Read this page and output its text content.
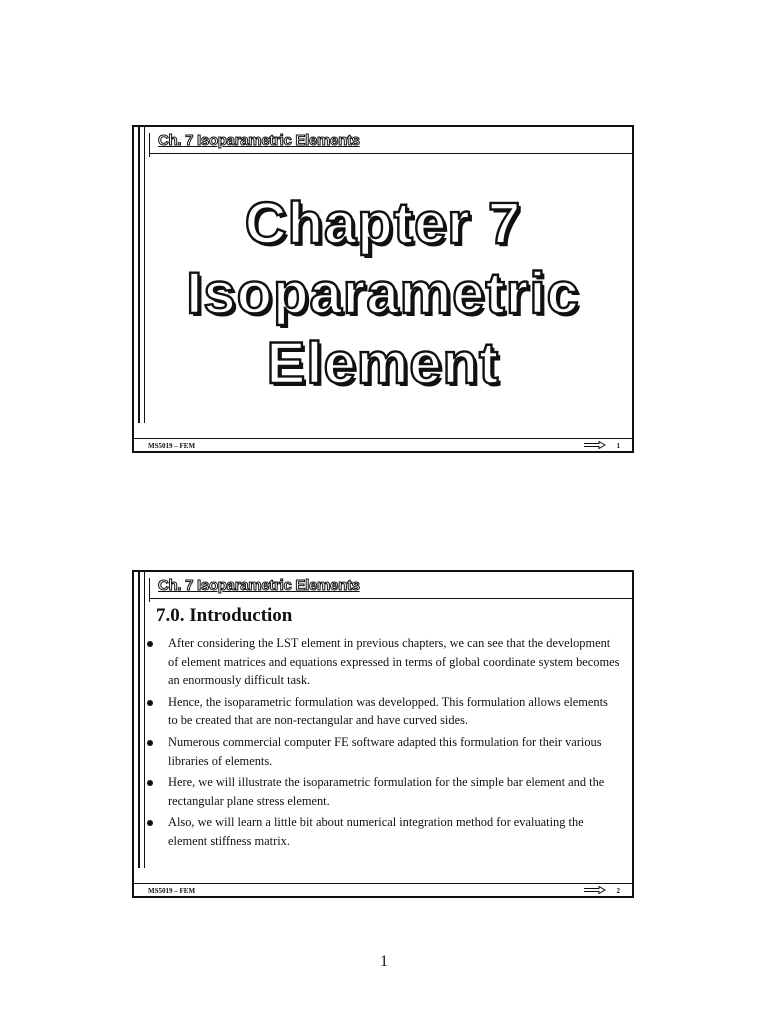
Ch. 7 Isoparametric Elements
Chapter 7
Isoparametric
Element
MS5019 – FEM	1
Ch. 7 Isoparametric Elements
7.0. Introduction
After considering the LST element in previous chapters, we can see that the development of element matrices and equations expressed in terms of global coordinate system becomes an enormously difficult task.
Hence, the isoparametric formulation was developped. This formulation allows elements to be created that are non-rectangular and have curved sides.
Numerous commercial computer FE software adapted this formulation for their various libraries of elements.
Here, we will illustrate the isoparametric formulation for the simple bar element and the rectangular plane stress element.
Also, we will learn a little bit about numerical integration method for evaluating the element stiffness matrix.
MS5019 – FEM	2
1
